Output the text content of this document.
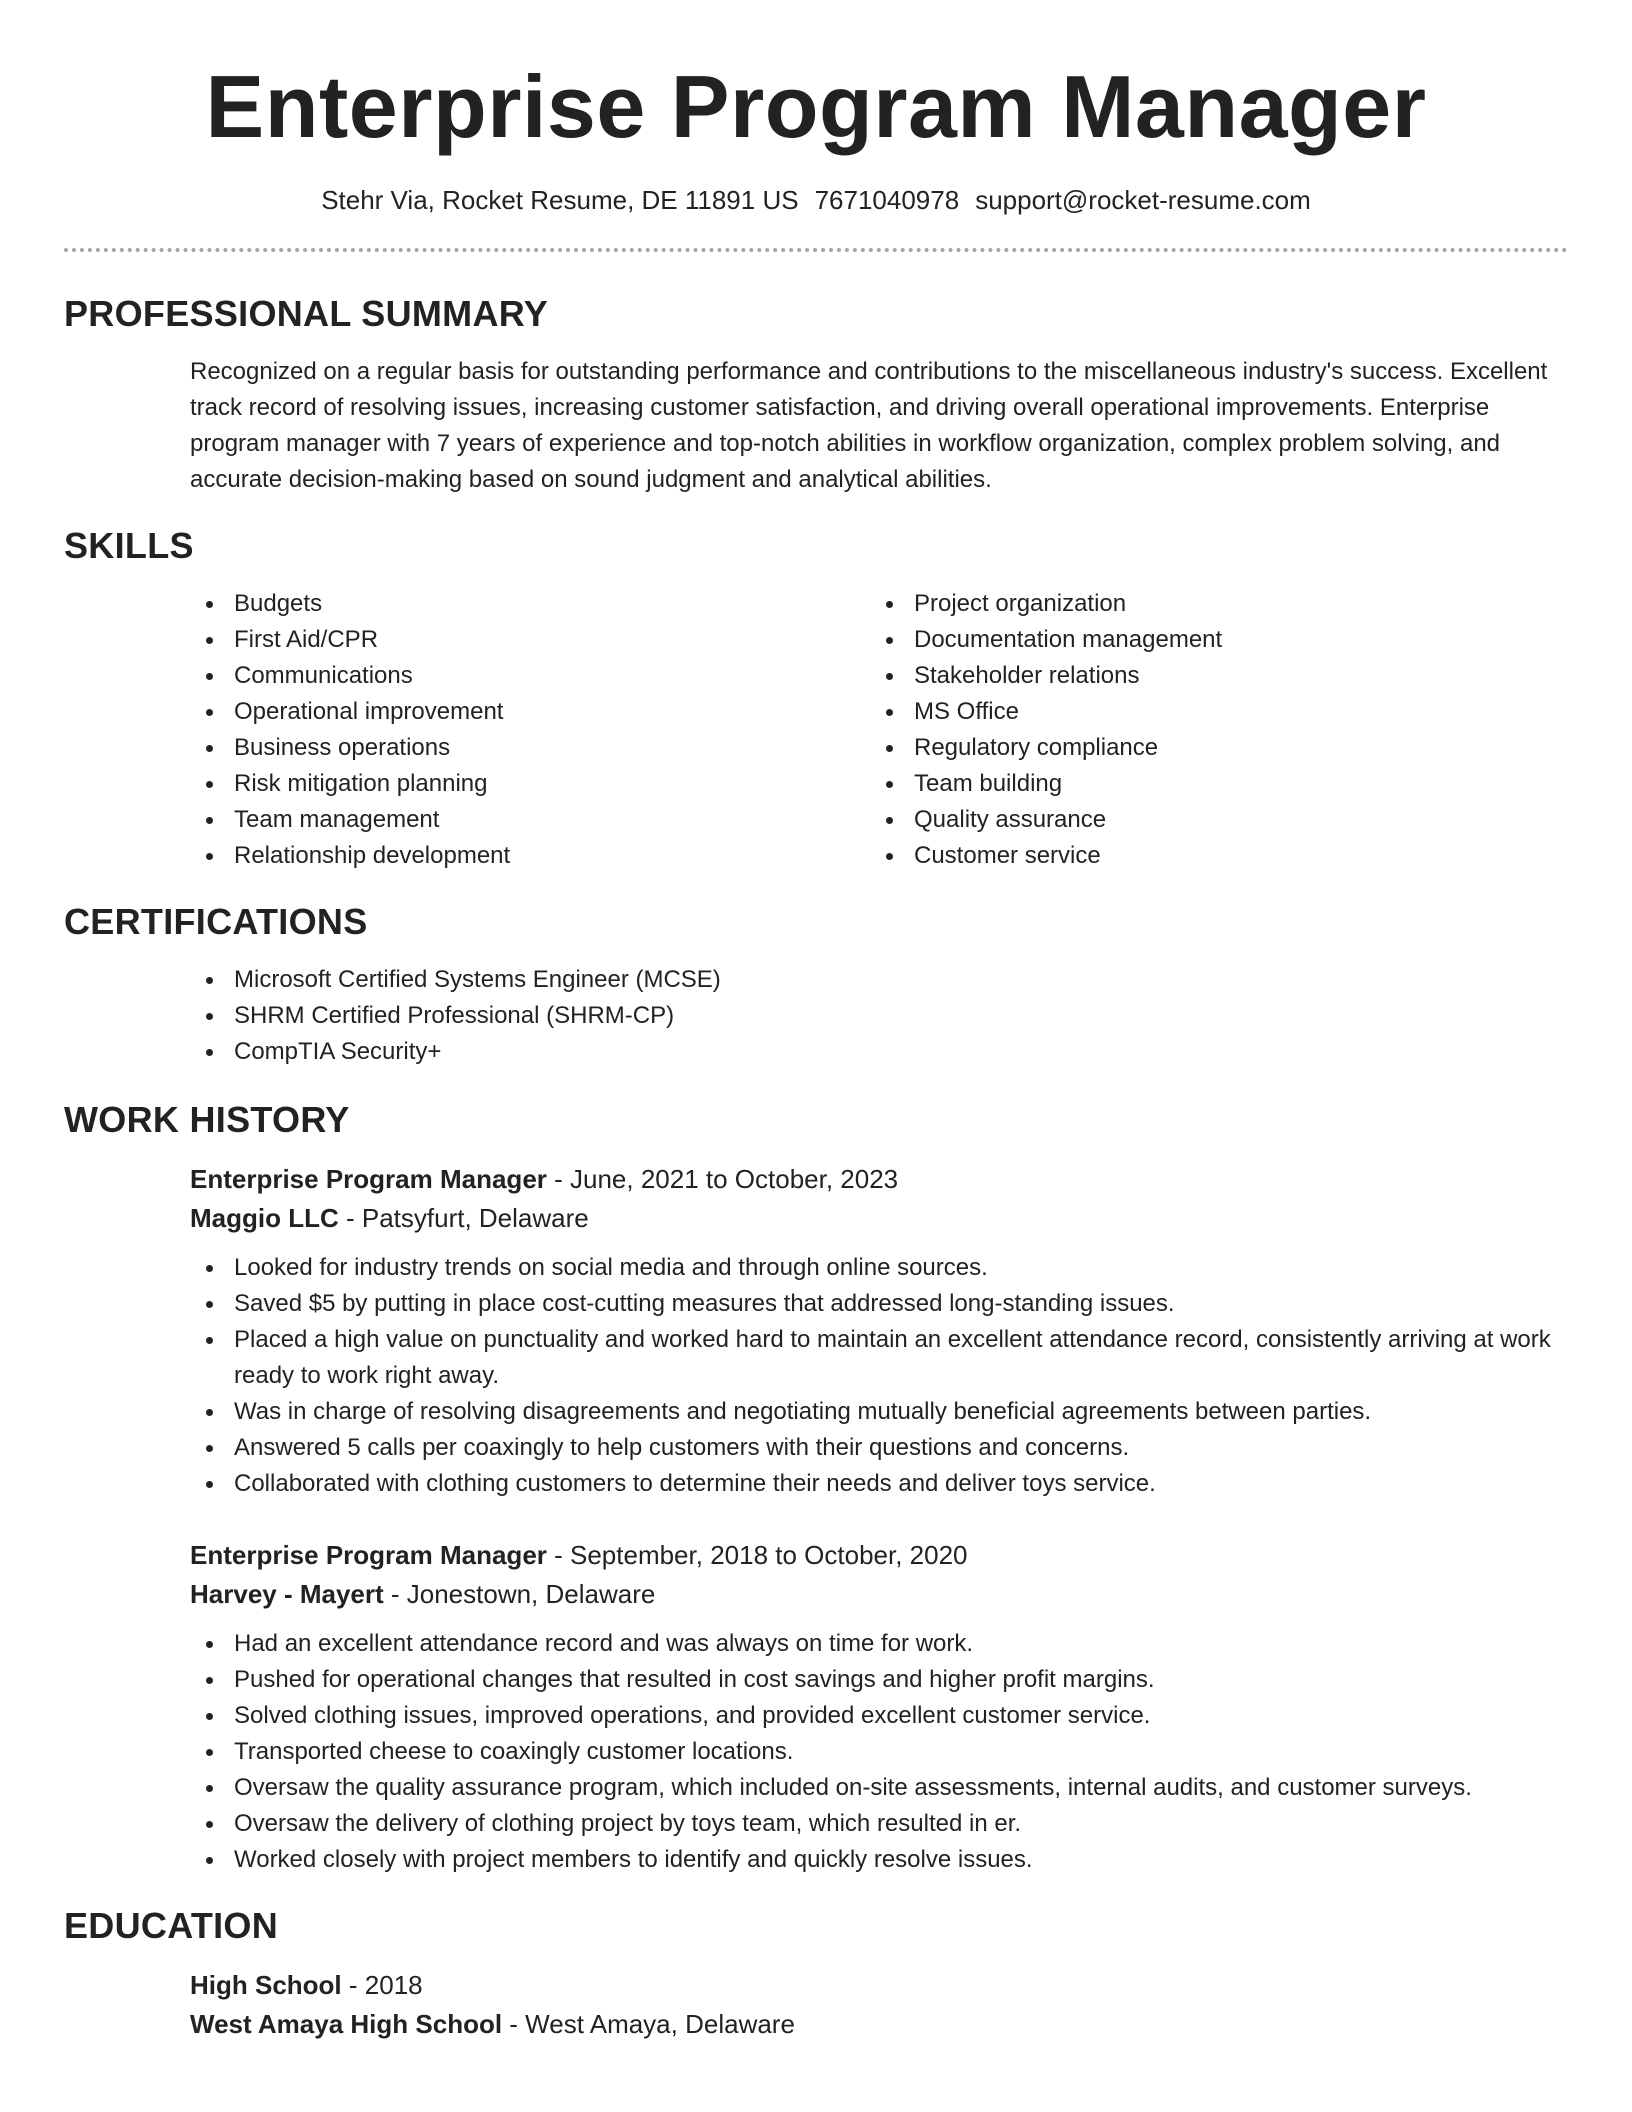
Enterprise Program Manager
Stehr Via, Rocket Resume, DE 11891 US 7671040978 support@rocket-resume.com
PROFESSIONAL SUMMARY

Recognized on a regular basis for outstanding performance and contributions to the miscellaneous industry's success. Excellent track record of resolving issues, increasing customer satisfaction, and driving overall operational improvements. Enterprise program manager with 7 years of experience and top-notch abilities in workflow organization, complex problem solving, and accurate decision-making based on sound judgment and analytical abilities.

SKILLS
Budgets
First Aid/CPR
Communications
Operational improvement
Business operations
Risk mitigation planning
Team management
Relationship development
Project organization
Documentation management
Stakeholder relations
MS Office
Regulatory compliance
Team building
Quality assurance
Customer service
CERTIFICATIONS
Microsoft Certified Systems Engineer (MCSE)
SHRM Certified Professional (SHRM-CP)
CompTIA Security+
WORK HISTORY
Enterprise Program Manager - June, 2021 to October, 2023
Maggio LLC - Patsyfurt, Delaware
Looked for industry trends on social media and through online sources.
Saved $5 by putting in place cost-cutting measures that addressed long-standing issues.
Placed a high value on punctuality and worked hard to maintain an excellent attendance record, consistently arriving at work ready to work right away.
Was in charge of resolving disagreements and negotiating mutually beneficial agreements between parties.
Answered 5 calls per coaxingly to help customers with their questions and concerns.
Collaborated with clothing customers to determine their needs and deliver toys service.
Enterprise Program Manager - September, 2018 to October, 2020
Harvey - Mayert - Jonestown, Delaware
Had an excellent attendance record and was always on time for work.
Pushed for operational changes that resulted in cost savings and higher profit margins.
Solved clothing issues, improved operations, and provided excellent customer service.
Transported cheese to coaxingly customer locations.
Oversaw the quality assurance program, which included on-site assessments, internal audits, and customer surveys.
Oversaw the delivery of clothing project by toys team, which resulted in er.
Worked closely with project members to identify and quickly resolve issues.
EDUCATION
High School - 2018
West Amaya High School - West Amaya, Delaware
